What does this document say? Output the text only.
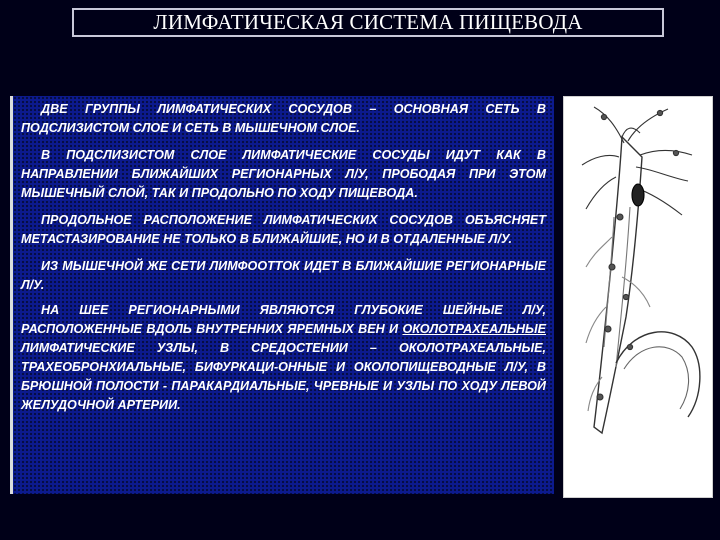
ЛИМФАТИЧЕСКАЯ СИСТЕМА ПИЩЕВОДА

ДВЕ ГРУППЫ ЛИМФАТИЧЕСКИХ СОСУДОВ – ОСНОВНАЯ СЕТЬ В ПОДСЛИЗИСТОМ СЛОЕ И СЕТЬ В МЫШЕЧНОМ СЛОЕ.

В ПОДСЛИЗИСТОМ СЛОЕ ЛИМФАТИЧЕСКИЕ СОСУДЫ ИДУТ КАК В НАПРАВЛЕНИИ БЛИЖАЙШИХ РЕГИОНАРНЫХ Л/У, ПРОБОДАЯ ПРИ ЭТОМ МЫШЕЧНЫЙ СЛОЙ, ТАК И ПРОДОЛЬНО ПО ХОДУ ПИЩЕВОДА.

ПРОДОЛЬНОЕ РАСПОЛОЖЕНИЕ ЛИМФАТИЧЕСКИХ СОСУДОВ ОБЪЯСНЯЕТ МЕТАСТАЗИРОВАНИЕ НЕ ТОЛЬКО В БЛИЖАЙШИЕ, НО И В ОТДАЛЕННЫЕ Л/У.

ИЗ МЫШЕЧНОЙ ЖЕ СЕТИ ЛИМФООТТОК ИДЕТ В БЛИЖАЙШИЕ РЕГИОНАРНЫЕ Л/У.

НА ШЕЕ РЕГИОНАРНЫМИ ЯВЛЯЮТСЯ ГЛУБОКИЕ ШЕЙНЫЕ Л/У, РАСПОЛОЖЕННЫЕ ВДОЛЬ ВНУТРЕННИХ ЯРЕМНЫХ ВЕН И ОКОЛОТРАХЕАЛЬНЫЕ ЛИМФАТИЧЕСКИЕ УЗЛЫ, В СРЕДОСТЕНИИ – ОКОЛОТРАХЕАЛЬНЫЕ, ТРАХЕОБРОНХИАЛЬНЫЕ, БИФУРКАЦИ-ОННЫЕ И ОКОЛОПИЩЕВОДНЫЕ Л/У, В БРЮШНОЙ ПОЛОСТИ - ПАРАКАРДИАЛЬНЫЕ, ЧРЕВНЫЕ И УЗЛЫ ПО ХОДУ ЛЕВОЙ ЖЕЛУДОЧНОЙ АРТЕРИИ.
